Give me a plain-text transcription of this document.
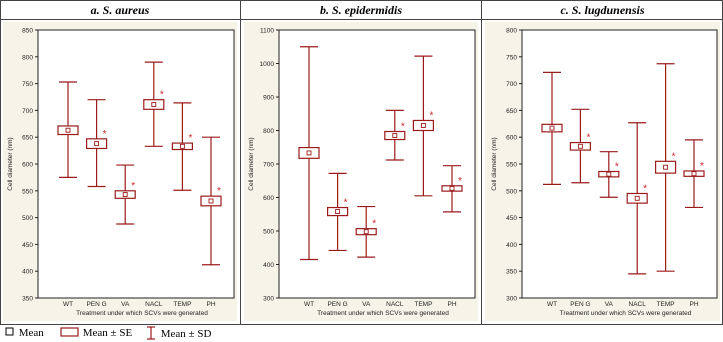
a. S. aureus
350
400
450
500
550
600
650
700
750
800
850
Cell diameter (nm)
Treatment under which SCVs were generated
WT PEN G
*
VA
*
NACL
*
TEMP
*
PH
*
b. S. epidermidis
300
400
500
600
700
800
900
1000
1100
Cell diameter (nm)
Treatment under which SCVs were generated
WT PEN G
*
VA
*
NACL
*
TEMP
*
PH
*
c. S. lugdunensis
300
350
400
450
500
550
600
650
700
750
800
Cell diameter (nm)
Treatment under which SCVs were generated
WT PEN G
*
VA
*
NACL
*
TEMP
*
PH
*
Mean	Mean ± SE	Mean ± SD
